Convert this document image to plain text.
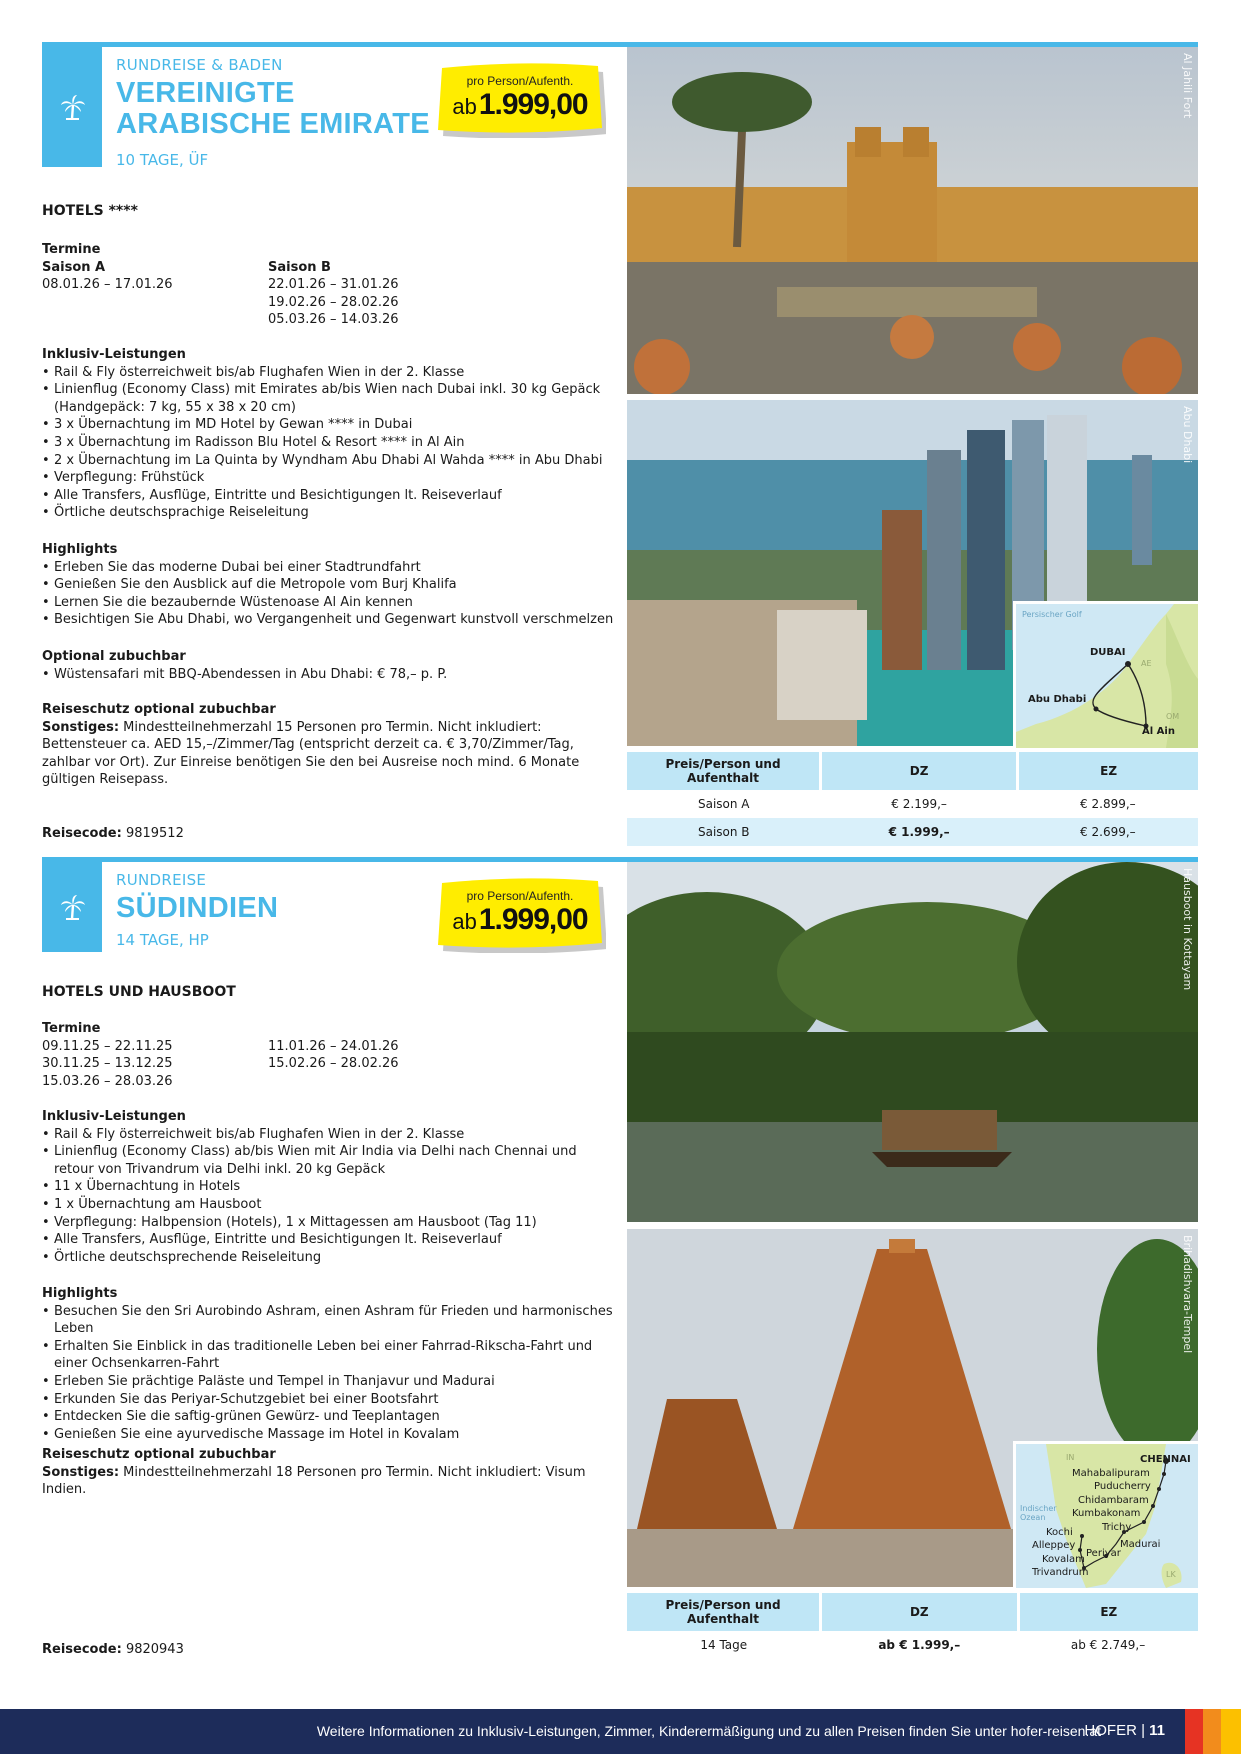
RUNDREISE & BADEN
VEREINIGTE
ARABISCHE EMIRATE
10 TAGE, ÜF
pro Person/Aufenth.
ab1.999,00
HOTELS ****
Termine
Saison A
08.01.26 – 17.01.26
Saison B
22.01.26 – 31.01.26
19.02.26 – 28.02.26
05.03.26 – 14.03.26
Inklusiv-Leistungen
• Rail & Fly österreichweit bis/ab Flughafen Wien in der 2. Klasse
• Linienflug (Economy Class) mit Emirates ab/bis Wien nach Dubai inkl. 30 kg Gepäck (Handgepäck: 7 kg, 55 x 38 x 20 cm)
• 3 x Übernachtung im MD Hotel by Gewan **** in Dubai
• 3 x Übernachtung im Radisson Blu Hotel & Resort **** in Al Ain
• 2 x Übernachtung im La Quinta by Wyndham Abu Dhabi Al Wahda **** in Abu Dhabi
• Verpflegung: Frühstück
• Alle Transfers, Ausflüge, Eintritte und Besichtigungen lt. Reiseverlauf
• Örtliche deutschsprachige Reiseleitung
Highlights
• Erleben Sie das moderne Dubai bei einer Stadtrundfahrt
• Genießen Sie den Ausblick auf die Metropole vom Burj Khalifa
• Lernen Sie die bezaubernde Wüstenoase Al Ain kennen
• Besichtigen Sie Abu Dhabi, wo Vergangenheit und Gegenwart kunstvoll verschmelzen
Optional zubuchbar
• Wüstensafari mit BBQ-Abendessen in Abu Dhabi: € 78,– p. P.
Reiseschutz optional zubuchbar
Sonstiges: Mindestteilnehmerzahl 15 Personen pro Termin. Nicht inkludiert: Bettensteuer ca. AED 15,–/Zimmer/Tag (entspricht derzeit ca. € 3,70/Zimmer/Tag, zahlbar vor Ort). Zur Einreise benötigen Sie den bei Ausreise noch mind. 6 Monate gültigen Reisepass.
Reisecode: 9819512
Al Jahili Fort
Abu Dhabi
Persischer Golf
DUBAI
Abu Dhabi
Al Ain
AE
OM
Preis/Person und Aufenthalt	DZ	EZ
Saison A	€ 2.199,–	€ 2.899,–
Saison B	€ 1.999,–	€ 2.699,–
RUNDREISE
SÜDINDIEN
14 TAGE, HP
pro Person/Aufenth.
ab1.999,00
HOTELS UND HAUSBOOT
Termine
09.11.25 – 22.11.25
30.11.25 – 13.12.25
15.03.26 – 28.03.26
11.01.26 – 24.01.26
15.02.26 – 28.02.26
Inklusiv-Leistungen
• Rail & Fly österreichweit bis/ab Flughafen Wien in der 2. Klasse
• Linienflug (Economy Class) ab/bis Wien mit Air India via Delhi nach Chennai und retour von Trivandrum via Delhi inkl. 20 kg Gepäck
• 11 x Übernachtung in Hotels
• 1 x Übernachtung am Hausboot
• Verpflegung: Halbpension (Hotels), 1 x Mittagessen am Hausboot (Tag 11)
• Alle Transfers, Ausflüge, Eintritte und Besichtigungen lt. Reiseverlauf
• Örtliche deutschsprechende Reiseleitung
Highlights
• Besuchen Sie den Sri Aurobindo Ashram, einen Ashram für Frieden und harmonisches Leben
• Erhalten Sie Einblick in das traditionelle Leben bei einer Fahrrad-Rikscha-Fahrt und einer Ochsenkarren-Fahrt
• Erleben Sie prächtige Paläste und Tempel in Thanjavur und Madurai
• Erkunden Sie das Periyar-Schutzgebiet bei einer Bootsfahrt
• Entdecken Sie die saftig-grünen Gewürz- und Teeplantagen
• Genießen Sie eine ayurvedische Massage im Hotel in Kovalam
Reiseschutz optional zubuchbar
Sonstiges: Mindestteilnehmerzahl 18 Personen pro Termin. Nicht inkludiert: Visum Indien.
Reisecode: 9820943
Hausboot in Kottayam
Brihadishvara-Tempel
IN	CHENNAI
Mahabalipuram
Puducherry
Chidambaram
Kumbakonam
Trichy
Indischer Ozean
Kochi
Alleppey	Madurai
Periyar
Kovalam
Trivandrum	LK
Preis/Person und Aufenthalt	DZ	EZ
14 Tage	ab € 1.999,–	ab € 2.749,–
Weitere Informationen zu Inklusiv-Leistungen, Zimmer, Kinderermäßigung und zu allen Preisen finden Sie unter hofer-reisen.at
HOFER | 11
